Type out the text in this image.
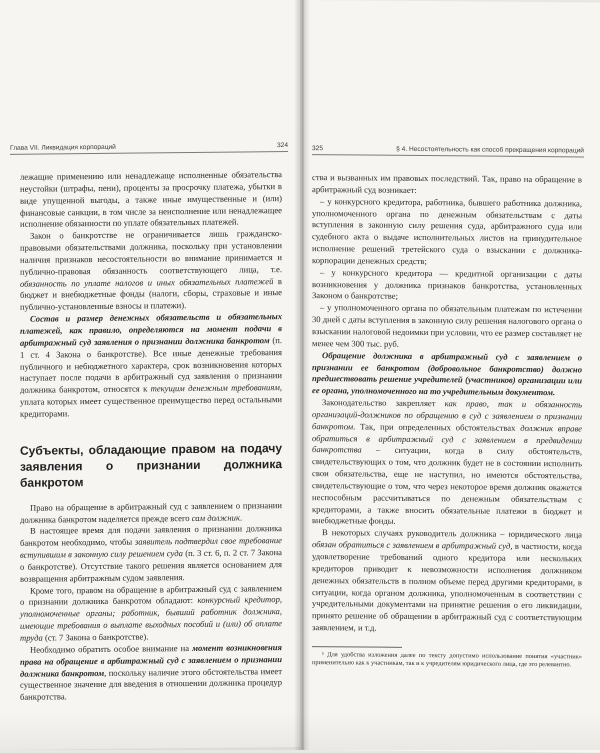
Глава VII. Ликвидация корпораций	324

лежащие применению или ненадлежаще исполненные обязательства неустойки (штрафы, пени), проценты за просрочку платежа, убытки в виде упущенной выгоды, а также иные имущественные и (или) финансовые санкции, в том числе за неисполнение или ненадлежащее исполнение обязанности по уплате обязательных платежей.

Закон о банкротстве не ограничивается лишь гражданско-правовыми обязательствами должника, поскольку при установлении наличия признаков несостоятельности во внимание принимается и публично-правовая обязанность соответствующего лица, т.е. обязанность по уплате налогов и иных обязательных платежей в бюджет и внебюджетные фонды (налоги, сборы, страховые и иные публично-установленные взносы и платежи).

Состав и размер денежных обязательств и обязательных платежей, как правило, определяются на момент подачи в арбитражный суд заявления о признании должника банкротом (п. 1 ст. 4 Закона о банкротстве). Все иные денежные требования публичного и небюджетного характера, срок возникновения которых наступает после подачи в арбитражный суд заявления о признании должника банкротом, относятся к текущим денежным требованиям, уплата которых имеет существенное преимущество перед остальными кредиторами.

Субъекты, обладающие правом на подачу заявления о признании должника банкротом

Право на обращение в арбитражный суд с заявлением о признании должника банкротом наделяется прежде всего сам должник.

В настоящее время для подачи заявления о признании должника банкротом необходимо, чтобы заявитель подтвердил свое требование вступившим в законную силу решением суда (п. 3 ст. 6, п. 2 ст. 7 Закона о банкротстве). Отсутствие такого решения является основанием для возвращения арбитражным судом заявления.

Кроме того, правом на обращение в арбитражный суд с заявлением о признании должника банкротом обладают: конкурсный кредитор, уполномоченные органы; работник, бывший работник должника, имеющие требования о выплате выходных пособий и (или) об оплате труда (ст. 7 Закона о банкротстве).

Необходимо обратить особое внимание на момент возникновения права на обращение в арбитражный суд с заявлением о признании должника банкротом, поскольку наличие этого обстоятельства имеет существенное значение для введения в отношении должника процедур банкротства.

325	§ 4. Несостоятельность как способ прекращения корпораций

ства и вызванных им правовых последствий. Так, право на обращение в арбитражный суд возникает:

– у конкурсного кредитора, работника, бывшего работника должника, уполномоченного органа по денежным обязательствам с даты вступления в законную силу решения суда, арбитражного суда или судебного акта о выдаче исполнительных листов на принудительное исполнение решений третейского суда о взыскании с должника-корпорации денежных средств;

– у конкурсного кредитора — кредитной организации с даты возникновения у должника признаков банкротства, установленных Законом о банкротстве;

– у уполномоченного органа по обязательным платежам по истечении 30 дней с даты вступления в законную силу решения налогового органа о взыскании налоговой недоимки при условии, что ее размер составляет не менее чем 300 тыс. руб.

Обращение должника в арбитражный суд с заявлением о признании ее банкротом (добровольное банкротство) должно предшествовать решение учредителей (участников) организации или ее органа, уполномоченного на то учредительным документом.

Законодательство закрепляет как право, так и обязанность организаций-должников по обращению в суд с заявлением о признании банкротом. Так, при определенных обстоятельствах должник вправе обратиться в арбитражный суд с заявлением в предвидении банкротства – ситуации, когда в силу обстоятельств, свидетельствующих о том, что должник будет не в состоянии исполнить свои обязательства, еще не наступил, но имеются обстоятельства, свидетельствующие о том, что через некоторое время должник окажется неспособным рассчитываться по денежным обязательствам с кредиторами, а также вносить обязательные платежи в бюджет и внебюджетные фонды.

В некоторых случаях руководитель должника – юридического лица обязан обратиться с заявлением в арбитражный суд, в частности, когда удовлетворение требований одного кредитора или нескольких кредиторов приводит к невозможности исполнения должником денежных обязательств в полном объеме перед другими кредиторами, в ситуации, когда органом должника, уполномоченным в соответствии с учредительными документами на принятие решения о его ликвидации, принято решение об обращении в арбитражный суд с соответствующим заявлением, и т.д.

¹ Для удобства изложения далее по тексту допустимо использование понятия «участник» применительно как к участникам, так и к учредителям юридического лица, где это релевантно.
